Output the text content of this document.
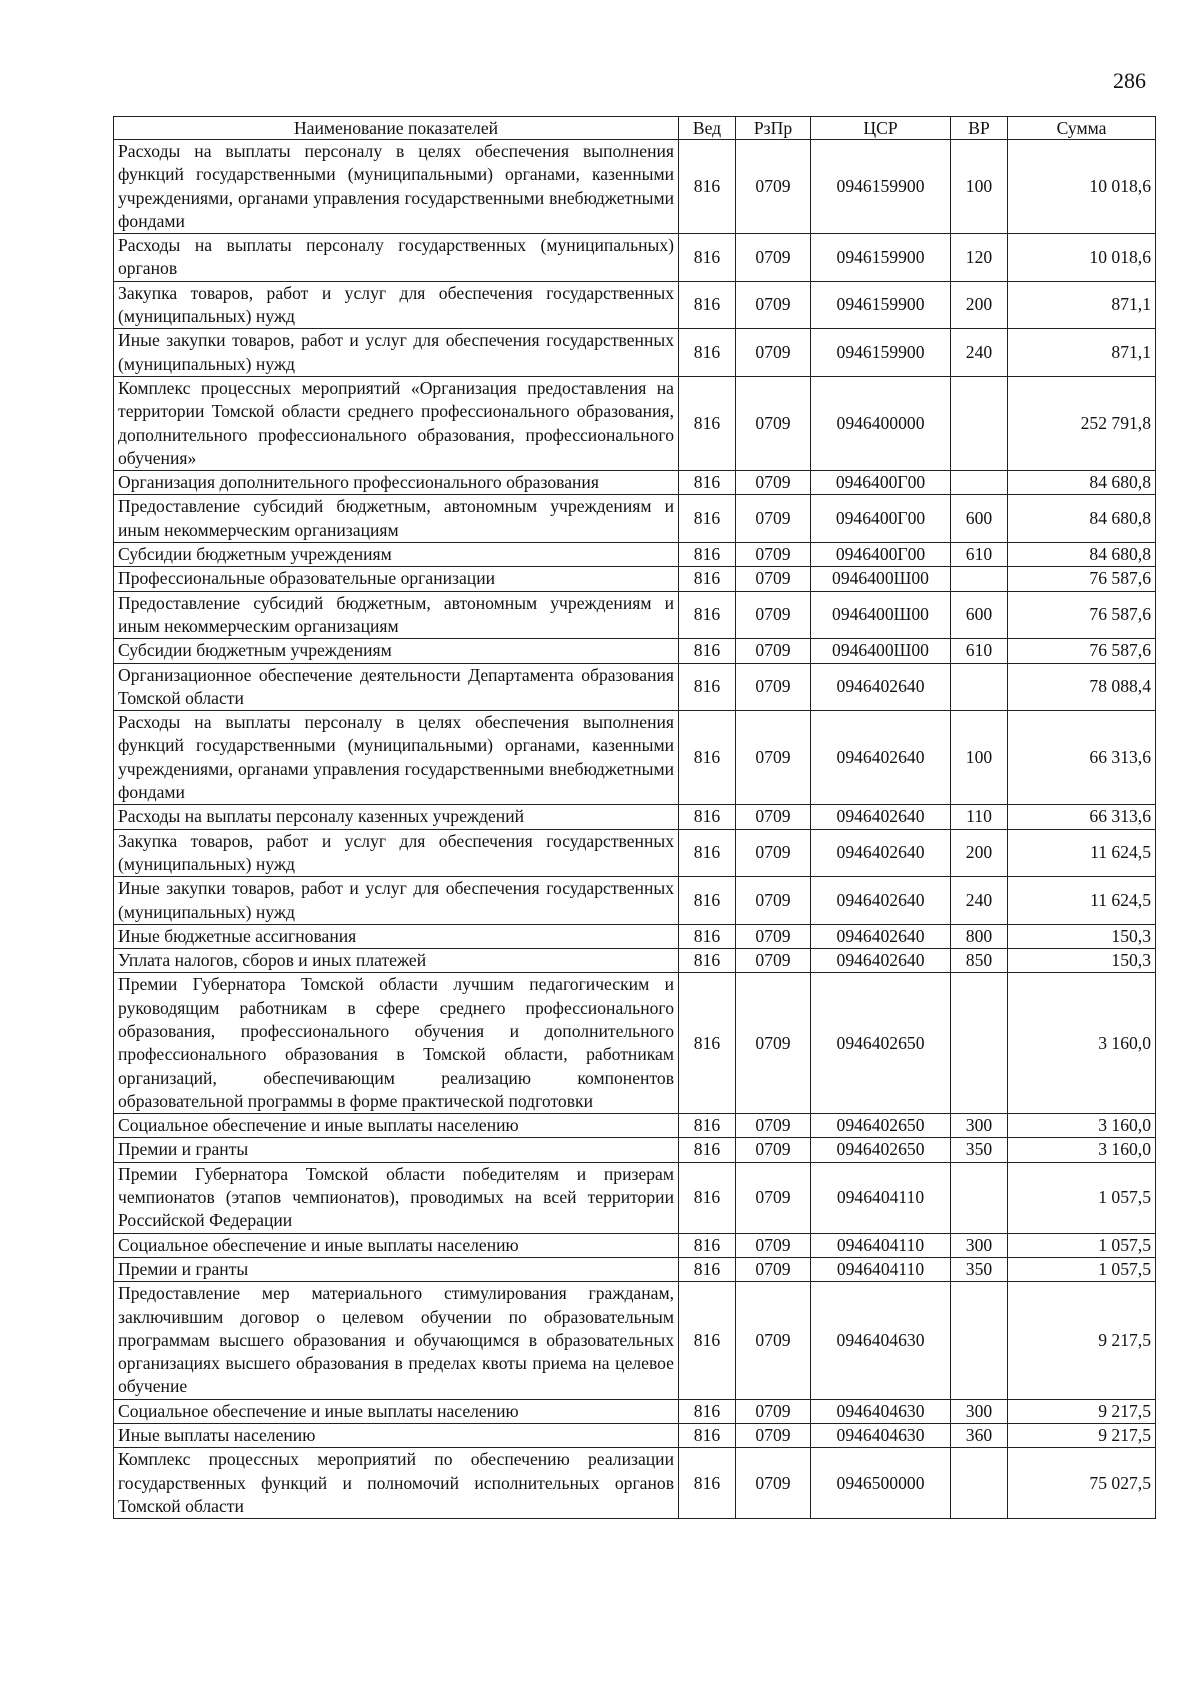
286
Наименование показателей	Вед	РзПр	ЦСР	ВР	Сумма
Расходы на выплаты персоналу в целях обеспечения выполнения функций государственными (муниципальными) органами, казенными учреждениями, органами управления государственными внебюджетными фондами	816	0709	0946159900	100	10 018,6
Расходы на выплаты персоналу государственных (муниципальных) органов	816	0709	0946159900	120	10 018,6
Закупка товаров, работ и услуг для обеспечения государственных (муниципальных) нужд	816	0709	0946159900	200	871,1
Иные закупки товаров, работ и услуг для обеспечения государственных (муниципальных) нужд	816	0709	0946159900	240	871,1
Комплекс процессных мероприятий «Организация предоставления на территории Томской области среднего профессионального образования, дополнительного профессионального образования, профессионального обучения»	816	0709	0946400000		252 791,8
Организация дополнительного профессионального образования	816	0709	0946400Г00		84 680,8
Предоставление субсидий бюджетным, автономным учреждениям и иным некоммерческим организациям	816	0709	0946400Г00	600	84 680,8
Субсидии бюджетным учреждениям	816	0709	0946400Г00	610	84 680,8
Профессиональные образовательные организации	816	0709	0946400Ш00		76 587,6
Предоставление субсидий бюджетным, автономным учреждениям и иным некоммерческим организациям	816	0709	0946400Ш00	600	76 587,6
Субсидии бюджетным учреждениям	816	0709	0946400Ш00	610	76 587,6
Организационное обеспечение деятельности Департамента образования Томской области	816	0709	0946402640		78 088,4
Расходы на выплаты персоналу в целях обеспечения выполнения функций государственными (муниципальными) органами, казенными учреждениями, органами управления государственными внебюджетными фондами	816	0709	0946402640	100	66 313,6
Расходы на выплаты персоналу казенных учреждений	816	0709	0946402640	110	66 313,6
Закупка товаров, работ и услуг для обеспечения государственных (муниципальных) нужд	816	0709	0946402640	200	11 624,5
Иные закупки товаров, работ и услуг для обеспечения государственных (муниципальных) нужд	816	0709	0946402640	240	11 624,5
Иные бюджетные ассигнования	816	0709	0946402640	800	150,3
Уплата налогов, сборов и иных платежей	816	0709	0946402640	850	150,3
Премии Губернатора Томской области лучшим педагогическим и руководящим работникам в сфере среднего профессионального образования, профессионального обучения и дополнительного профессионального образования в Томской области, работникам организаций, обеспечивающим реализацию компонентов образовательной программы в форме практической подготовки	816	0709	0946402650		3 160,0
Социальное обеспечение и иные выплаты населению	816	0709	0946402650	300	3 160,0
Премии и гранты	816	0709	0946402650	350	3 160,0
Премии Губернатора Томской области победителям и призерам чемпионатов (этапов чемпионатов), проводимых на всей территории Российской Федерации	816	0709	0946404110		1 057,5
Социальное обеспечение и иные выплаты населению	816	0709	0946404110	300	1 057,5
Премии и гранты	816	0709	0946404110	350	1 057,5
Предоставление мер материального стимулирования гражданам, заключившим договор о целевом обучении по образовательным программам высшего образования и обучающимся в образовательных организациях высшего образования в пределах квоты приема на целевое обучение	816	0709	0946404630		9 217,5
Социальное обеспечение и иные выплаты населению	816	0709	0946404630	300	9 217,5
Иные выплаты населению	816	0709	0946404630	360	9 217,5
Комплекс процессных мероприятий по обеспечению реализации государственных функций и полномочий исполнительных органов Томской области	816	0709	0946500000		75 027,5
